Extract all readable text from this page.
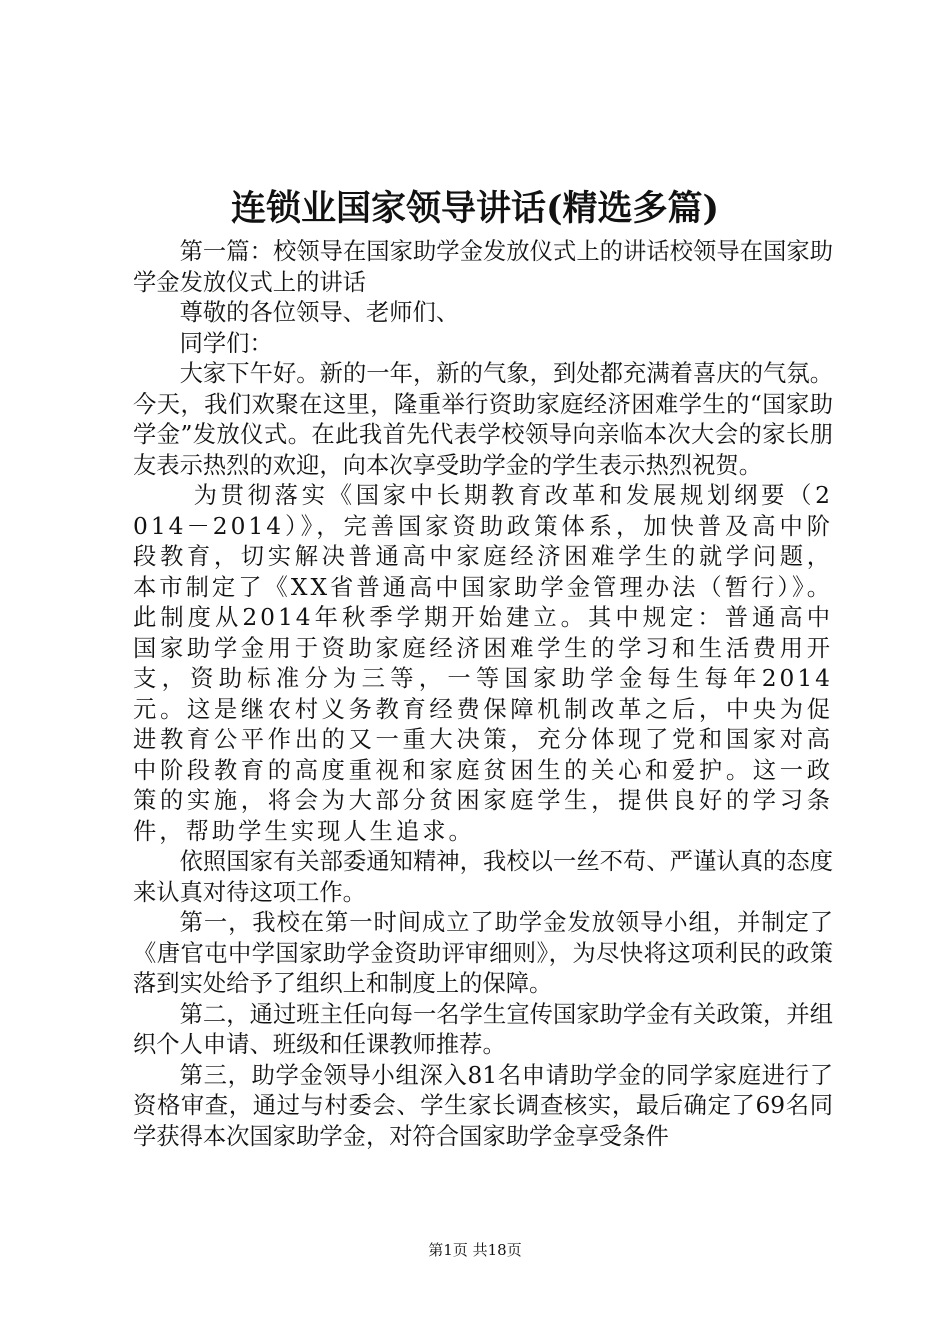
连锁业国家领导讲话(精选多篇)

第一篇：校领导在国家助学金发放仪式上的讲话校领导在国家助学金发放仪式上的讲话

尊敬的各位领导、老师们、

同学们：

大家下午好。新的一年，新的气象，到处都充满着喜庆的气氛。今天，我们欢聚在这里，隆重举行资助家庭经济困难学生的“国家助学金”发放仪式。在此我首先代表学校领导向亲临本次大会的家长朋友表示热烈的欢迎，向本次享受助学金的学生表示热烈祝贺。

为贯彻落实《国家中长期教育改革和发展规划纲要（2014－2014）》，完善国家资助政策体系，加快普及高中阶段教育，切实解决普通高中家庭经济困难学生的就学问题，本市制定了《XX省普通高中国家助学金管理办法（暂行）》。此制度从2014年秋季学期开始建立。其中规定：普通高中国家助学金用于资助家庭经济困难学生的学习和生活费用开支，资助标准分为三等，一等国家助学金每生每年2014元。这是继农村义务教育经费保障机制改革之后，中央为促进教育公平作出的又一重大决策，充分体现了党和国家对高中阶段教育的高度重视和家庭贫困生的关心和爱护。这一政策的实施，将会为大部分贫困家庭学生，提供良好的学习条件，帮助学生实现人生追求。

依照国家有关部委通知精神，我校以一丝不苟、严谨认真的态度来认真对待这项工作。

第一，我校在第一时间成立了助学金发放领导小组，并制定了《唐官屯中学国家助学金资助评审细则》，为尽快将这项利民的政策落到实处给予了组织上和制度上的保障。

第二，通过班主任向每一名学生宣传国家助学金有关政策，并组织个人申请、班级和任课教师推荐。

第三，助学金领导小组深入81名申请助学金的同学家庭进行了资格审查，通过与村委会、学生家长调查核实，最后确定了69名同学获得本次国家助学金，对符合国家助学金享受条件

第1页 共18页
